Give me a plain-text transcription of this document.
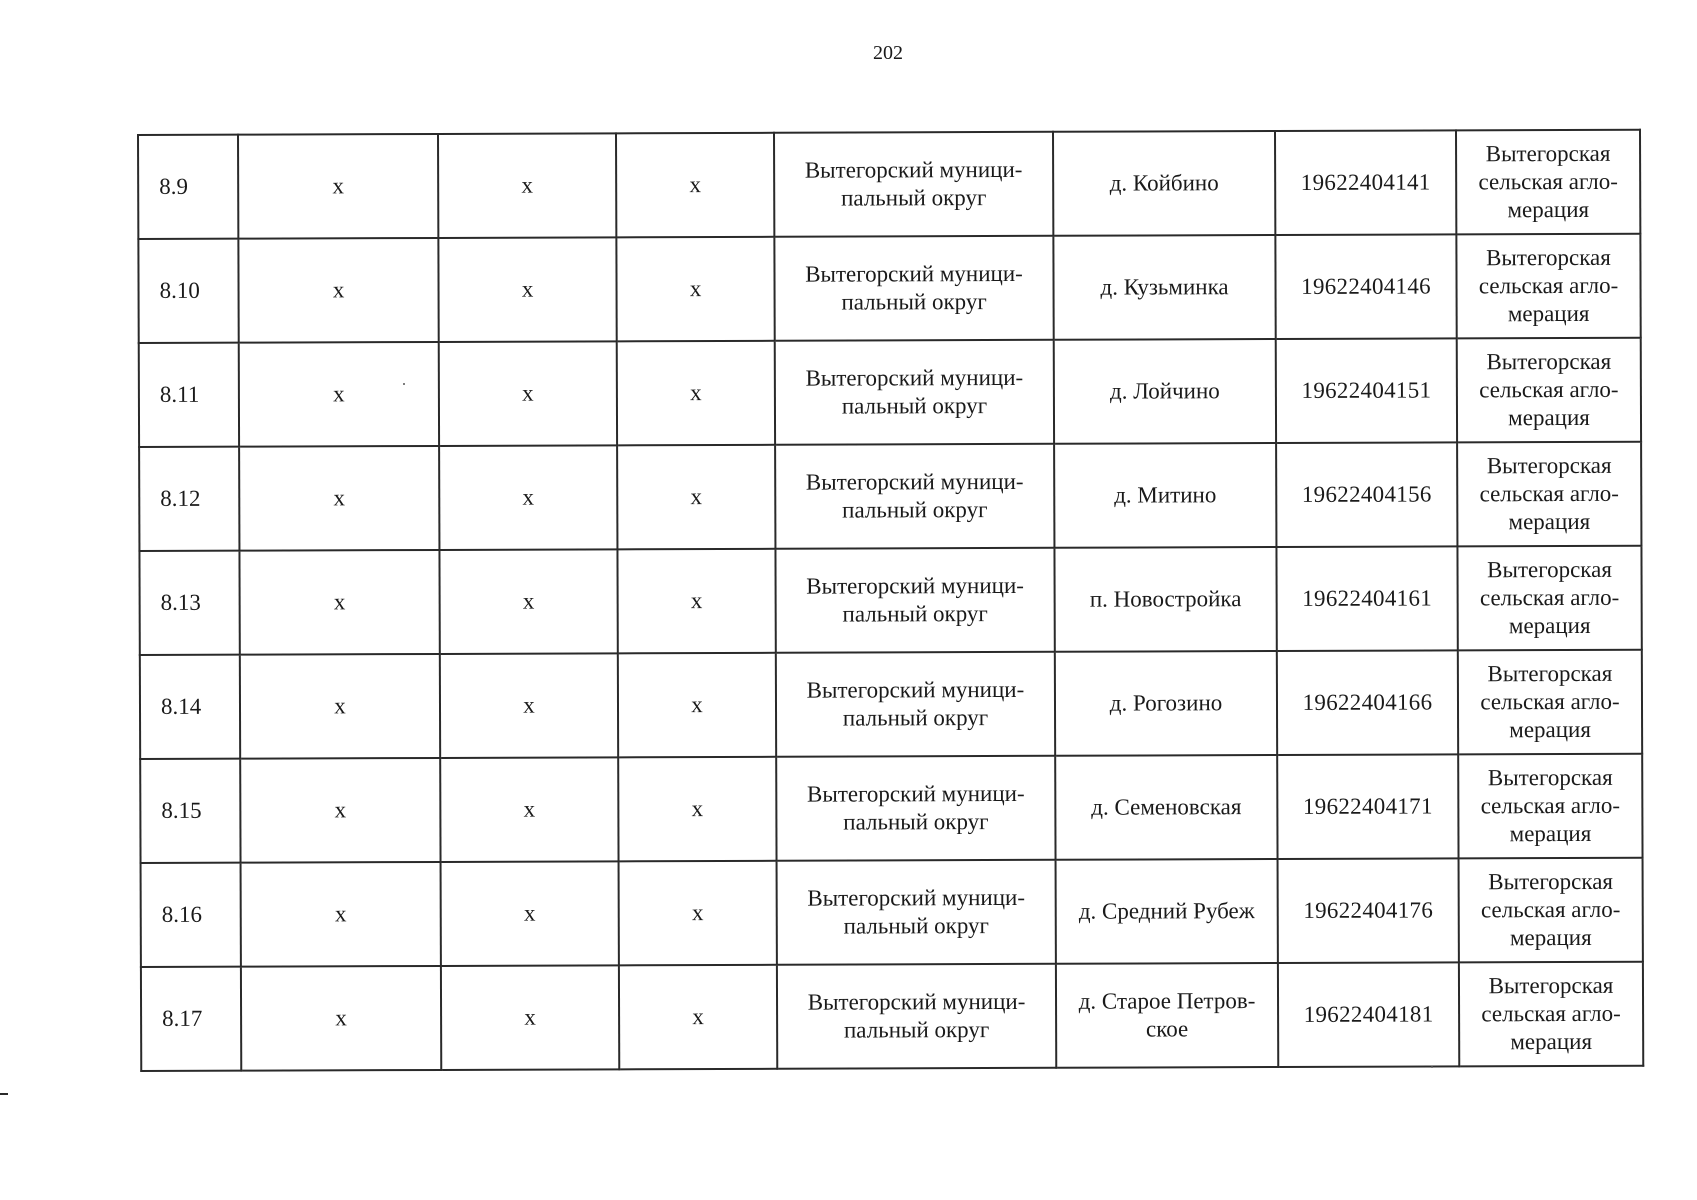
202
8.9	x	x	x	Вытегорский муници-пальный округ	д. Койбино	19622404141	Вытегорская сельская агло-мерация
8.10	x	x	x	Вытегорский муници-пальный округ	д. Кузьминка	19622404146	Вытегорская сельская агло-мерация
8.11	x	x	x	Вытегорский муници-пальный округ	д. Лойчино	19622404151	Вытегорская сельская агло-мерация
8.12	x	x	x	Вытегорский муници-пальный округ	д. Митино	19622404156	Вытегорская сельская агло-мерация
8.13	x	x	x	Вытегорский муници-пальный округ	п. Новостройка	19622404161	Вытегорская сельская агло-мерация
8.14	x	x	x	Вытегорский муници-пальный округ	д. Рогозино	19622404166	Вытегорская сельская агло-мерация
8.15	x	x	x	Вытегорский муници-пальный округ	д. Семеновская	19622404171	Вытегорская сельская агло-мерация
8.16	x	x	x	Вытегорский муници-пальный округ	д. Средний Рубеж	19622404176	Вытегорская сельская агло-мерация
8.17	x	x	x	Вытегорский муници-пальный округ	д. Старое Петров-ское	19622404181	Вытегорская сельская агло-мерация
